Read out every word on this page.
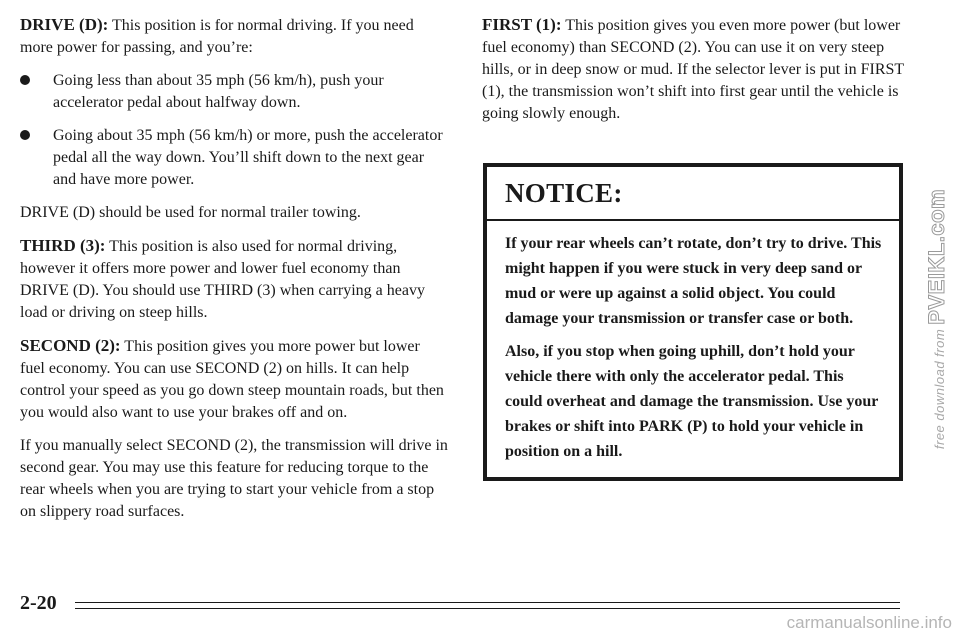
DRIVE (D): This position is for normal driving. If you need more power for passing, and you’re:

Going less than about 35 mph (56 km/h), push your accelerator pedal about halfway down.
Going about 35 mph (56 km/h) or more, push the accelerator pedal all the way down. You’ll shift down to the next gear and have more power.

DRIVE (D) should be used for normal trailer towing.

THIRD (3): This position is also used for normal driving, however it offers more power and lower fuel economy than DRIVE (D). You should use THIRD (3) when carrying a heavy load or driving on steep hills.

SECOND (2): This position gives you more power but lower fuel economy. You can use SECOND (2) on hills. It can help control your speed as you go down steep mountain roads, but then you would also want to use your brakes off and on.

If you manually select SECOND (2), the transmission will drive in second gear. You may use this feature for reducing torque to the rear wheels when you are trying to start your vehicle from a stop on slippery road surfaces.

FIRST (1): This position gives you even more power (but lower fuel economy) than SECOND (2). You can use it on very steep hills, or in deep snow or mud. If the selector lever is put in FIRST (1), the transmission won’t shift into first gear until the vehicle is going slowly enough.

NOTICE:

If your rear wheels can’t rotate, don’t try to drive. This might happen if you were stuck in very deep sand or mud or were up against a solid object. You could damage your transmission or transfer case or both.

Also, if you stop when going uphill, don’t hold your vehicle there with only the accelerator pedal. This could overheat and damage the transmission. Use your brakes or shift into PARK (P) to hold your vehicle in position on a hill.

2-20
free download from PVEIKL.com
carmanualsonline.info
